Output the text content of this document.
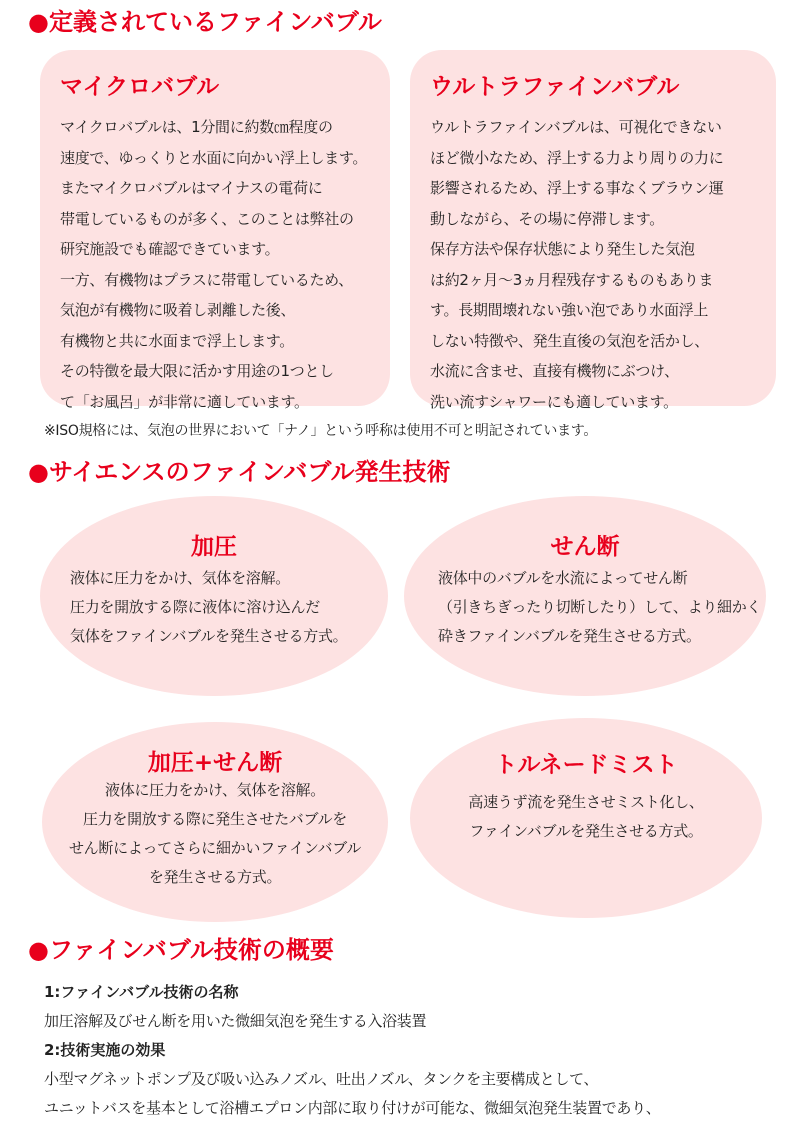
●定義されているファインバブル
マイクロバブル
マイクロバブルは、1分間に約数㎝程度の
速度で、ゆっくりと水面に向かい浮上します。
またマイクロバブルはマイナスの電荷に
帯電しているものが多く、このことは弊社の
研究施設でも確認できています。
一方、有機物はプラスに帯電しているため、
気泡が有機物に吸着し剥離した後、
有機物と共に水面まで浮上します。
その特徴を最大限に活かす用途の1つとし
て「お風呂」が非常に適しています。
ウルトラファインバブル
ウルトラファインバブルは、可視化できない
ほど微小なため、浮上する力より周りの力に
影響されるため、浮上する事なくブラウン運
動しながら、その場に停滞します。
保存方法や保存状態により発生した気泡
は約2ヶ月～3ヵ月程残存するものもありま
す。長期間壊れない強い泡であり水面浮上
しない特徴や、発生直後の気泡を活かし、
水流に含ませ、直接有機物にぶつけ、
洗い流すシャワーにも適しています。
※ISO規格には、気泡の世界において「ナノ」という呼称は使用不可と明記されています。
●サイエンスのファインバブル発生技術
加圧
液体に圧力をかけ、気体を溶解。
圧力を開放する際に液体に溶け込んだ
気体をファインバブルを発生させる方式。
せん断
液体中のバブルを水流によってせん断
（引きちぎったり切断したり）して、より細かく
砕きファインバブルを発生させる方式。
加圧+せん断
液体に圧力をかけ、気体を溶解。
圧力を開放する際に発生させたバブルを
せん断によってさらに細かいファインバブル
を発生させる方式。
トルネードミスト
高速うず流を発生させミスト化し、
ファインバブルを発生させる方式。
●ファインバブル技術の概要
1:ファインバブル技術の名称
加圧溶解及びせん断を用いた微細気泡を発生する入浴装置
2:技術実施の効果
小型マグネットポンプ及び吸い込みノズル、吐出ノズル、タンクを主要構成として、
ユニットバスを基本として浴槽エプロン内部に取り付けが可能な、微細気泡発生装置であり、
